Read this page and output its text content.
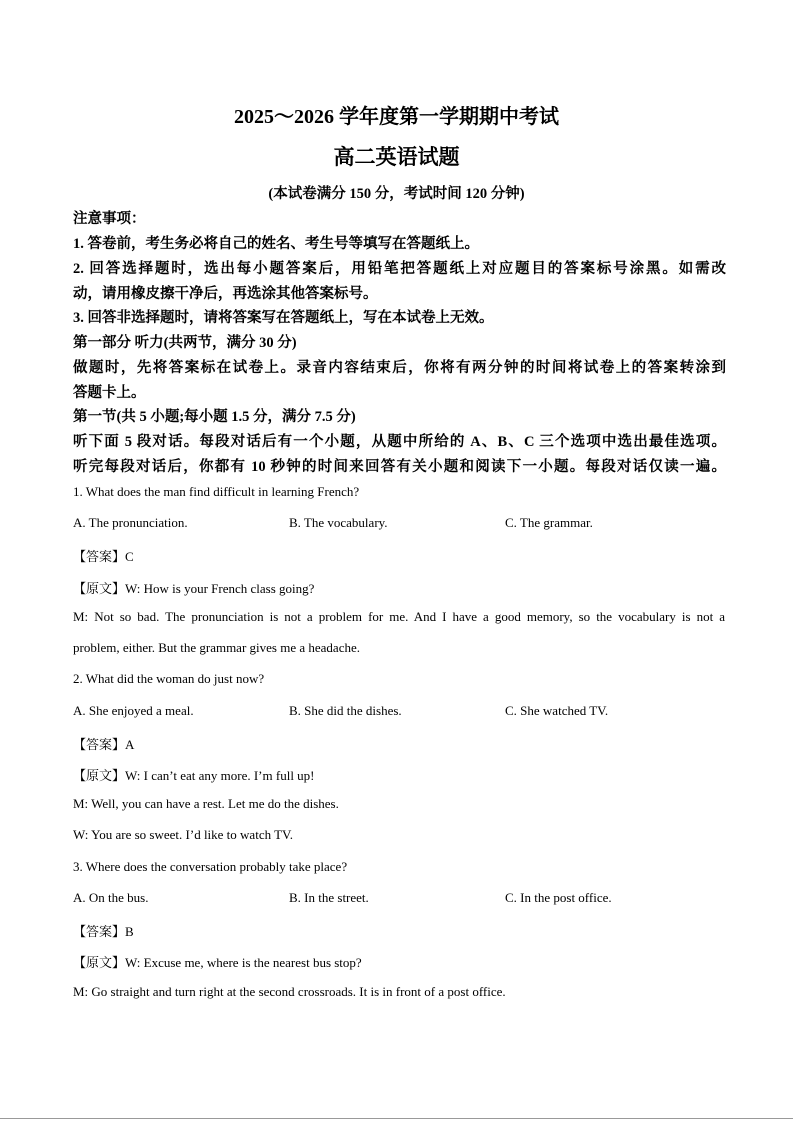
2025～2026 学年度第一学期期中考试
高二英语试题
(本试卷满分 150 分，考试时间 120 分钟)
注意事项：
1. 答卷前，考生务必将自己的姓名、考生号等填写在答题纸上。
2. 回答选择题时，选出每小题答案后，用铅笔把答题纸上对应题目的答案标号涂黑。如需改
动，请用橡皮擦干净后，再选涂其他答案标号。
3. 回答非选择题时，请将答案写在答题纸上，写在本试卷上无效。
第一部分 听力(共两节，满分 30 分)
做题时，先将答案标在试卷上。录音内容结束后，你将有两分钟的时间将试卷上的答案转涂到
答题卡上。
第一节(共 5 小题;每小题 1.5 分，满分 7.5 分)
听下面 5 段对话。每段对话后有一个小题，从题中所给的 A、B、C 三个选项中选出最佳选项。
听完每段对话后，你都有 10 秒钟的时间来回答有关小题和阅读下一小题。每段对话仅读一遍。
1. What does the man find difficult in learning French?
A. The pronunciation.	B. The vocabulary.	C. The grammar.
【答案】C
【原文】W: How is your French class going?
M: Not so bad. The pronunciation is not a problem for me. And I have a good memory, so the vocabulary is not a
problem, either. But the grammar gives me a headache.
2. What did the woman do just now?
A. She enjoyed a meal.	B. She did the dishes.	C. She watched TV.
【答案】A
【原文】W: I can’t eat any more. I’m full up!
M: Well, you can have a rest. Let me do the dishes.
W: You are so sweet. I’d like to watch TV.
3. Where does the conversation probably take place?
A. On the bus.	B. In the street.	C. In the post office.
【答案】B
【原文】W: Excuse me, where is the nearest bus stop?
M: Go straight and turn right at the second crossroads. It is in front of a post office.
